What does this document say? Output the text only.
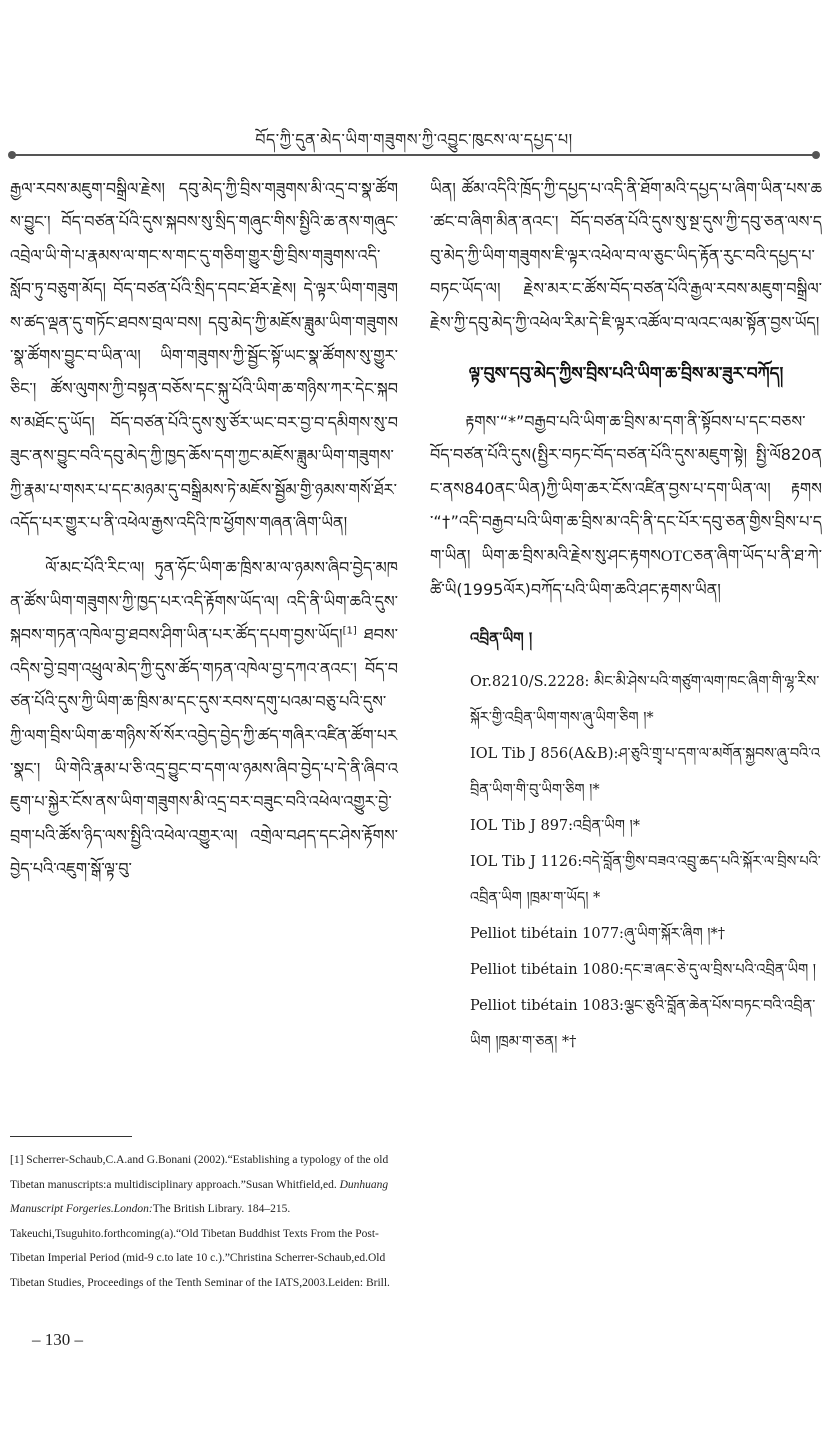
བོད་ཀྱི་དུན་མེད་ཡིག་གཟུགས་ཀྱི་འབྱུང་ཁུངས་ལ་དཔྱད་པ།

རྒྱལ་རབས་མཇུག་བསྒྲིལ་རྗེས། དབུ་མེད་ཀྱི་བྲིས་གཟུགས་མི་འདྲ་བ་སྣ་ཚོགས་བྱུང་། བོད་བཙན་པོའི་དུས་སྐབས་སུ་སྲིད་གཞུང་གིས་སྤྱིའི་ཆ་ནས་གཞུང་འབྲེལ་ཡི་གེ་པ་རྣམས་ལ་གང་ས་གང་དུ་གཅིག་གྱུར་གྱི་བྲིས་གཟུགས་འདི་སློབ་ཏུ་བཅུག་མོད། བོད་བཙན་པོའི་སྲིད་དབང་ཐོར་རྗེས། དེ་ལྟར་ཡིག་གཟུགས་ཚད་ལྡན་དུ་གཏོང་ཐབས་བྲལ་བས། དབུ་མེད་ཀྱི་མཇོས་ཟླུམ་ཡིག་གཟུགས་སྣ་ཚོགས་བྱུང་བ་ཡིན་ལ། ཡིག་གཟུགས་ཀྱི་སྦྱོང་སྟོ་ཡང་སྣ་ཚོགས་སུ་གྱུར་ཅིང་། ཚོས་ལུགས་ཀྱི་བསྟན་བཅོས་དང་སྐུ་པོའི་ཡིག་ཆ་གཉིས་ཀར་དེང་སྐབས་མཐོང་དུ་ཡོད། བོད་བཙན་པོའི་དུས་སུ་ཙོར་ཡང་བར་བྱ་བ་དམིགས་སུ་བཟུང་ནས་བྱུང་བའི་དབུ་མེད་ཀྱི་ཁྱད་ཆོས་དག་ཀྱང་མཇོས་ཟླུམ་ཡིག་གཟུགས་ཀྱི་རྣམ་པ་གསར་པ་དང་མཉམ་དུ་བསྒྲིམས་ཏེ་མཇོས་སྦྱོམ་གྱི་ཉམས་གསོ་ཐོར་འདོད་པར་གྱུར་པ་ནི་འཕེལ་རྒྱས་འདིའི་ཁ་ཕྱོགས་གཞན་ཞིག་ཡིན།

ལོ་མང་པོའི་རིང་ལ། ཏུན་ཧོང་ཡིག་ཆ་ཁྲིས་མ་ལ་ཉམས་ཞིབ་བྱེད་མཁན་ཚོས་ཡིག་གཟུགས་ཀྱི་ཁྱད་པར་འདི་རྟོགས་ཡོད་ལ། འདི་ནི་ཡིག་ཆའི་དུས་སྐབས་གཏན་འཁེལ་བྱ་ཐབས་ཤིག་ཡིན་པར་ཚོད་དཔག་བྱས་ཡོད།[1] ཐབས་འདིས་བྱེ་བྲག་འཕྲུལ་མེད་ཀྱི་དུས་ཚོད་གཏན་འཁེལ་བྱ་དཀའ་ནའང་། བོད་བཙན་པོའི་དུས་ཀྱི་ཡིག་ཆ་ཁྲིས་མ་དང་དུས་རབས་དགུ་པའམ་བཅུ་པའི་དུས་ཀྱི་ལག་བྲིས་ཡིག་ཆ་གཉིས་སོ་སོར་འབྱེད་བྱེད་ཀྱི་ཚད་གཞིར་འཛིན་ཚོག་པར་སྣང་། ཡི་གེའི་རྣམ་པ་ཅི་འདྲ་བྱུང་བ་དག་ལ་ཉམས་ཞིབ་བྱེད་པ་དེ་ནི་ཞིབ་འཇུག་པ་སྐྱེར་ངོས་ནས་ཡིག་གཟུགས་མི་འདྲ་བར་བཟུང་བའི་འཕེལ་འགྱུར་བྱེ་བྲག་པའི་ཚོས་ཉིད་ལས་སྤྱིའི་འཕེལ་འགྱུར་ལ། འགྲེལ་བཤད་དང་ཤེས་རྟོགས་བྱེད་པའི་འཇུག་སྒོ་ལྟ་བུ་

[1] Scherrer-Schaub,C.A.and G.Bonani (2002).“Establishing a typology of the old Tibetan manuscripts:a multidisciplinary approach.”Susan Whitfield,ed. Dunhuang Manuscript Forgeries.London:The British Library. 184–215. Takeuchi,Tsuguhito.forthcoming(a).“Old Tibetan Buddhist Texts From the Post-Tibetan Imperial Period (mid-9 c.to late 10 c.).”Christina Scherrer-Schaub,ed.Old Tibetan Studies, Proceedings of the Tenth Seminar of the IATS,2003.Leiden: Brill.

ཡིན། ཚོམ་འདིའི་ཁྲོད་ཀྱི་དཔྱད་པ་འདི་ནི་ཐོག་མའི་དཔྱད་པ་ཞིག་ཡིན་པས་ཆ་ཚང་བ་ཞིག་མིན་ནའང་། བོད་བཙན་པོའི་དུས་སུ་སྔ་དུས་ཀྱི་དབུ་ཅན་ལས་དབུ་མེད་ཀྱི་ཡིག་གཟུགས་ཇི་ལྟར་འཕེལ་བ་ལ་ཅུང་ཡིད་རྟོན་རུང་བའི་དཔྱད་པ་བཏང་ཡོད་ལ། རྗེས་མར་ང་ཚོས་བོད་བཙན་པོའི་རྒྱལ་རབས་མཇུག་བསྒྲིལ་རྗེས་ཀྱི་དབུ་མེད་ཀྱི་འཕེལ་རིམ་དེ་ཇི་ལྟར་འཚོལ་བ་ལའང་ལམ་སྟོན་བྱས་ཡོད།

ལྟ་བུས་དབུ་མེད་ཀྱིས་བྲིས་པའི་ཡིག་ཆ་བྲིས་མ་ཟུར་བཀོད།

རྟགས་“*”བརྒྱབ་པའི་ཡིག་ཆ་བྲིས་མ་དག་ནི་སྟོབས་པ་དང་བཅས་བོད་བཙན་པོའི་དུས(སྤྱིར་བཏང་བོད་བཙན་པོའི་དུས་མཇུག་སྟེ། སྤྱི་ལོ820ནང་ནས840ནང་ཡིན)ཀྱི་ཡིག་ཆར་ངོས་འཛིན་བྱས་པ་དག་ཡིན་ལ། རྟགས་“†”འདི་བརྒྱབ་པའི་ཡིག་ཆ་བྲིས་མ་འདི་ནི་དང་པོར་དབུ་ཅན་གྱིས་བྲིས་པ་དག་ཡིན། ཡིག་ཆ་བྲིས་མའི་རྗེས་སུ་ཤང་རྟགསOTCཅན་ཞིག་ཡོད་པ་ནི་ཐ་ཀེ་ཚི་ཡི(1995ལོར)བཀོད་པའི་ཡིག་ཆའི་ཤང་རྟགས་ཡིན།

འབྲིན་ཡིག །
Or.8210/S.2228: མིང་མི་ཤེས་པའི་གཙུག་ལག་ཁང་ཞིག་གི་ལྷ་རིས་སྐོར་གྱི་འབྲིན་ཡིག་གས་ཞུ་ཡིག་ཅིག །*
IOL Tib J 856(A&B):ཤ་ཅུའི་གྲྭ་པ་དག་ལ་མགོན་སྐྱབས་ཞུ་བའི་འབྲིན་ཡིག་གི་བུ་ཡིག་ཅིག །*
IOL Tib J 897:འབྲིན་ཡིག །*
IOL Tib J 1126:བདེ་བློན་གྱིས་བཟའ་འབྲུ་ཆད་པའི་སྐོར་ལ་བྲིས་པའི་འབྲིན་ཡིག །ཁྲམ་ག་ཡོད། *
Pelliot tibétain 1077:ཞུ་ཡིག་སྐོར་ཞིག །*†
Pelliot tibétain 1080:དང་ཟ་ཞང་ཅེ་དུ་ལ་བྲིས་པའི་འབྲིན་ཡིག །
Pelliot tibétain 1083:ལྕང་ཅུའི་བློན་ཆེན་པོས་བཏང་བའི་འབྲིན་ཡིག །ཁྲམ་ག་ཅན། *†
– 130 –
